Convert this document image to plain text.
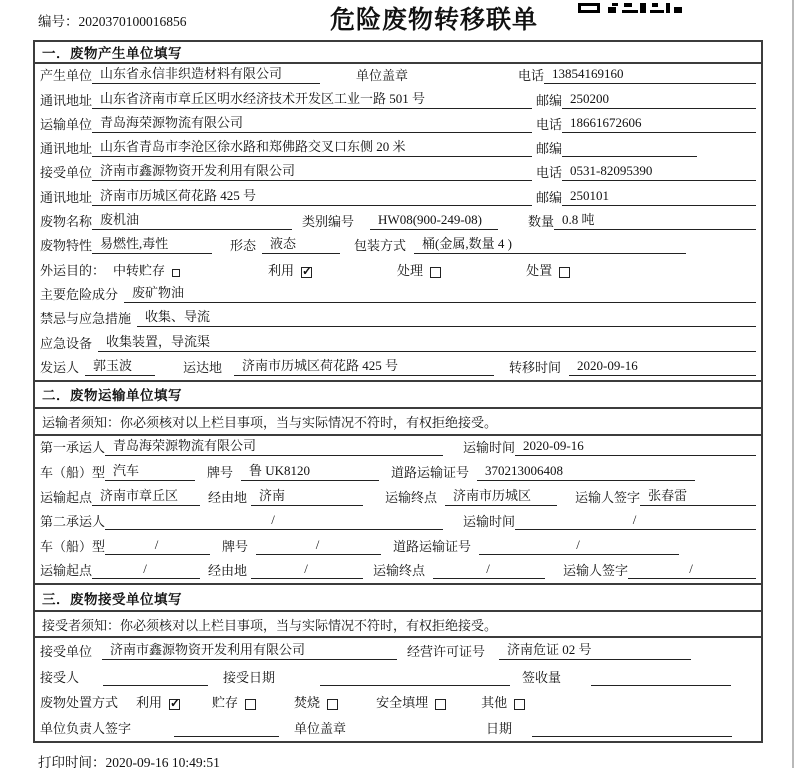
编号：2020370100016856	危险废物转移联单
一．废物产生单位填写
产生单位 山东省永信非织造材料有限公司	单位盖章	电话 13854169160
通讯地址 山东省济南市章丘区明水经济技术开发区工业一路 501 号	邮编 250200
运输单位 青岛海荣源物流有限公司	电话 18661672606
通讯地址 山东省青岛市李沧区徐水路和郑佛路交叉口东侧 20 米	邮编
接受单位 济南市鑫源物资开发利用有限公司	电话 0531-82095390
通讯地址 济南市历城区荷花路 425 号	邮编 250101
废物名称 废机油	类别编号	HW08(900-249-08)	数量 0.8 吨
废物特性 易燃性,毒性	形态	液态	包装方式	桶(金属,数量 4 )
外运目的： 中转贮存	利用 ✓	处理	处置
主要危险成分	废矿物油
禁忌与应急措施	收集、导流
应急设备	收集装置，导流渠
发运人	郭玉波	运达地	济南市历城区荷花路 425 号	转移时间	2020-09-16
二．废物运输单位填写
运输者须知：你必须核对以上栏目事项，当与实际情况不符时，有权拒绝接受。
第一承运人 青岛海荣源物流有限公司	运输时间 2020-09-16
车（船）型 汽车	牌号	鲁 UK8120	道路运输证号	370213006408
运输起点 济南市章丘区	经由地 济南	运输终点	济南市历城区	运输人签字 张春雷
第二承运人	/	运输时间	/
车（船）型	/	牌号	/	道路运输证号	/
运输起点	/	经由地	/	运输终点	/	运输人签字	/
三．废物接受单位填写
接受者须知：你必须核对以上栏目事项，当与实际情况不符时，有权拒绝接受。
接受单位	济南市鑫源物资开发利用有限公司	经营许可证号	济南危证 02 号
接受人	接受日期	签收量
废物处置方式 利用 ✓	贮存	焚烧	安全填埋	其他
单位负责人签字	单位盖章	日期
打印时间：2020-09-16 10:49:51
